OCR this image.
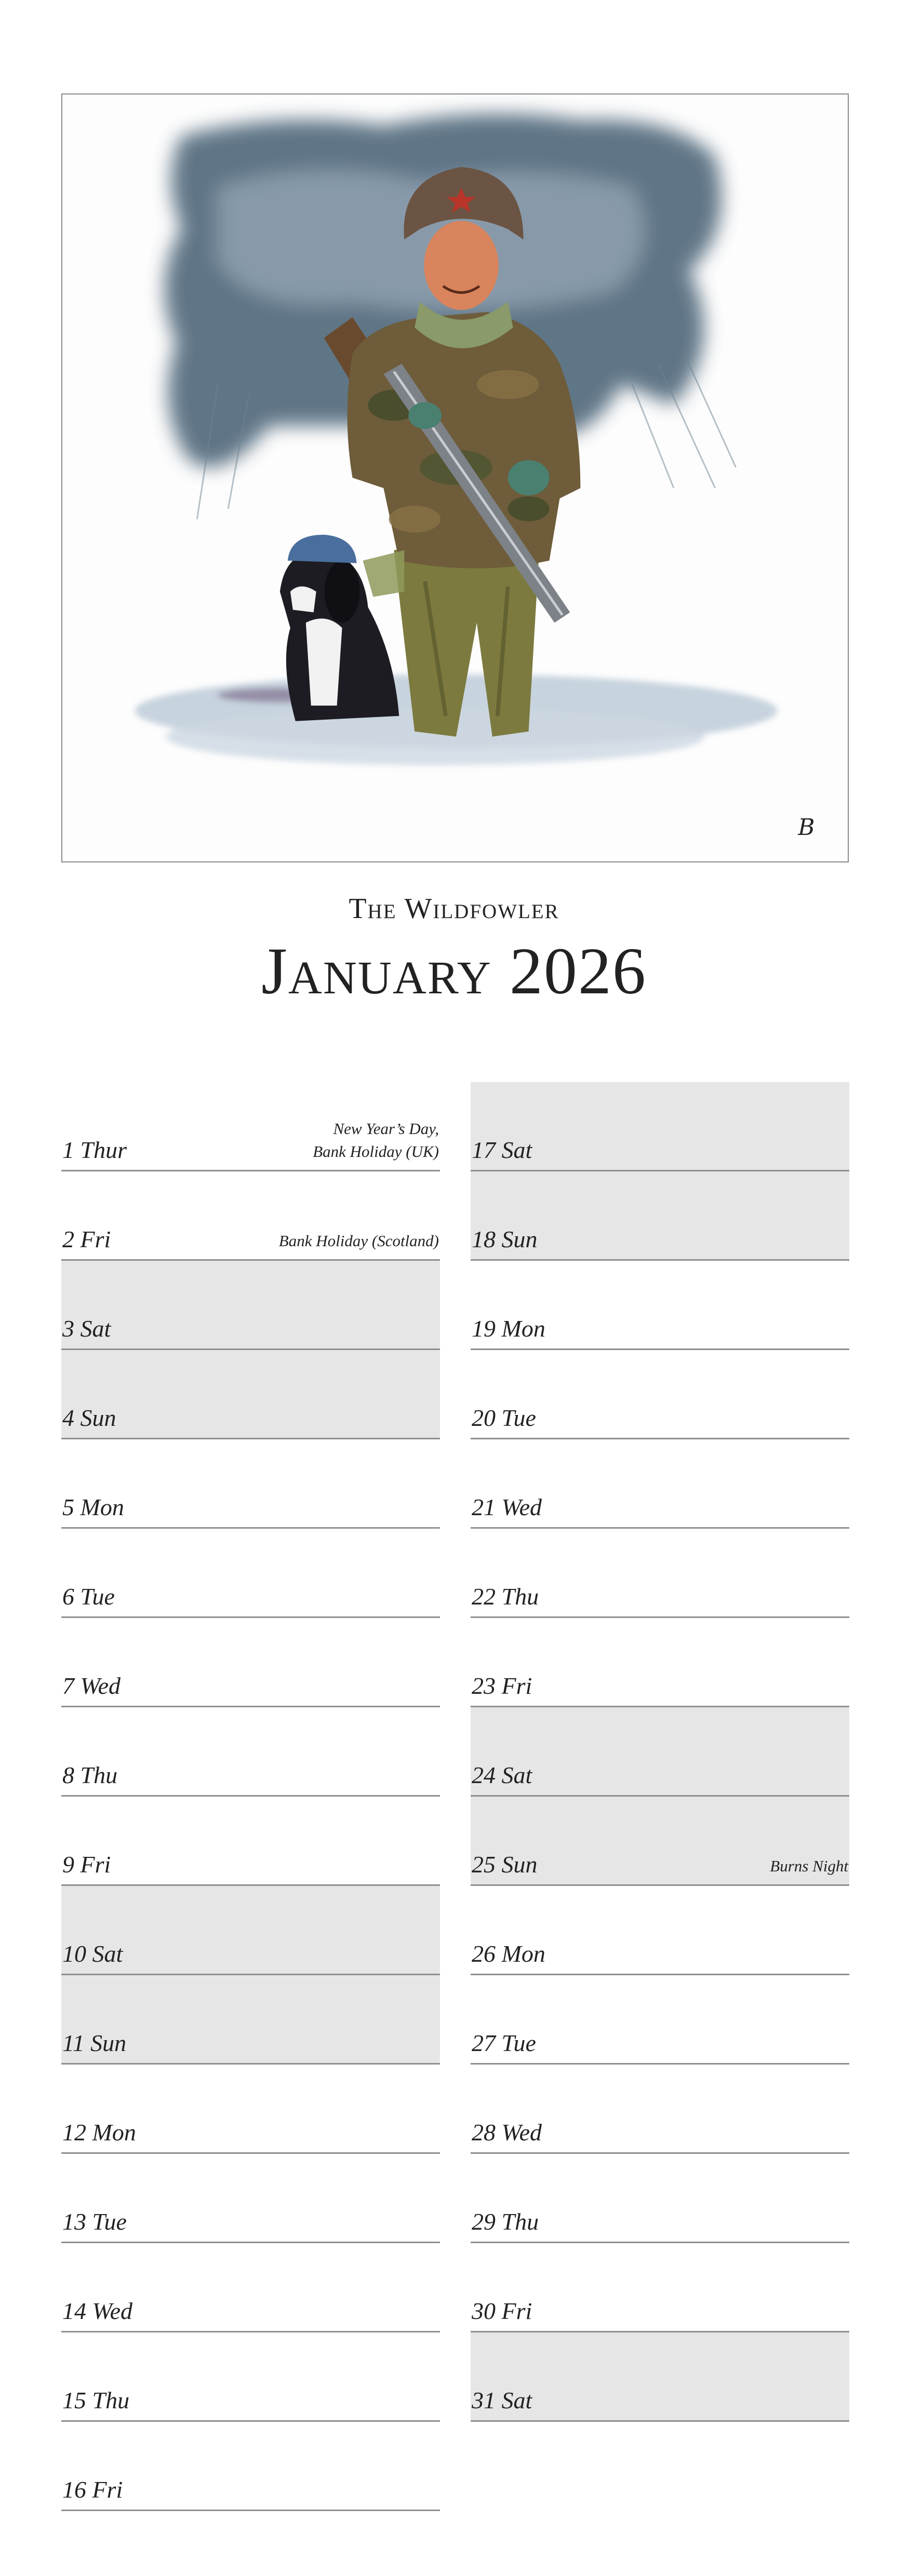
B
The Wildfowler
January 2026
1 Thur
New Year’s Day,
Bank Holiday (UK)
2 Fri	Bank Holiday (Scotland)
3 Sat
4 Sun
5 Mon
6 Tue
7 Wed
8 Thu
9 Fri
10 Sat
11 Sun
12 Mon
13 Tue
14 Wed
15 Thu
16 Fri
17 Sat
18 Sun
19 Mon
20 Tue
21 Wed
22 Thu
23 Fri
24 Sat
25 Sun	Burns Night
26 Mon
27 Tue
28 Wed
29 Thu
30 Fri
31 Sat
